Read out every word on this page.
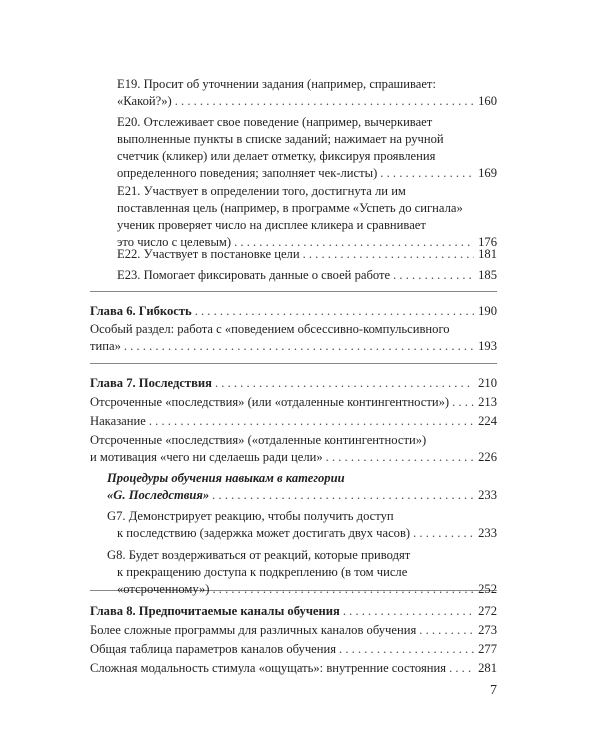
7
E19. Просит об уточнении задания (например, спрашивает:
«Какой?») . . .	160
E20. Отслеживает свое поведение (например, вычеркивает
выполненные пункты в списке заданий; нажимает на ручной
счетчик (кликер) или делает отметку, фиксируя проявления
определенного поведения; заполняет чек-листы) . . .	169
E21. Участвует в определении того, достигнута ли им
поставленная цель (например, в программе «Успеть до сигнала»
ученик проверяет число на дисплее кликера и сравнивает
это число с целевым) . . .	176
E22. Участвует в постановке цели . . .	181
E23. Помогает фиксировать данные о своей работе . . .	185
Глава 6. Гибкость . . .	190
Особый раздел: работа с «поведением обсессивно-компульсивного
типа» . . .	193
Глава 7. Последствия . . .	210
Отсроченные «последствия» (или «отдаленные контингентности») . . . 213
Наказание . . .	224
Отсроченные «последствия» («отдаленные контингентности»)
и мотивация «чего ни сделаешь ради цели» . . .	226
Процедуры обучения навыкам в категории
«G. Последствия» . . .	233
G7. Демонстрирует реакцию, чтобы получить доступ
к последствию (задержка может достигать двух часов) . . .	233
G8. Будет воздерживаться от реакций, которые приводят
к прекращению доступа к подкреплению (в том числе
«отсроченному») . . .	252
Глава 8. Предпочитаемые каналы обучения . . .	272
Более сложные программы для различных каналов обучения . . .	273
Общая таблица параметров каналов обучения . . .	277
Сложная модальность стимула «ощущать»: внутренние состояния . . .	281
